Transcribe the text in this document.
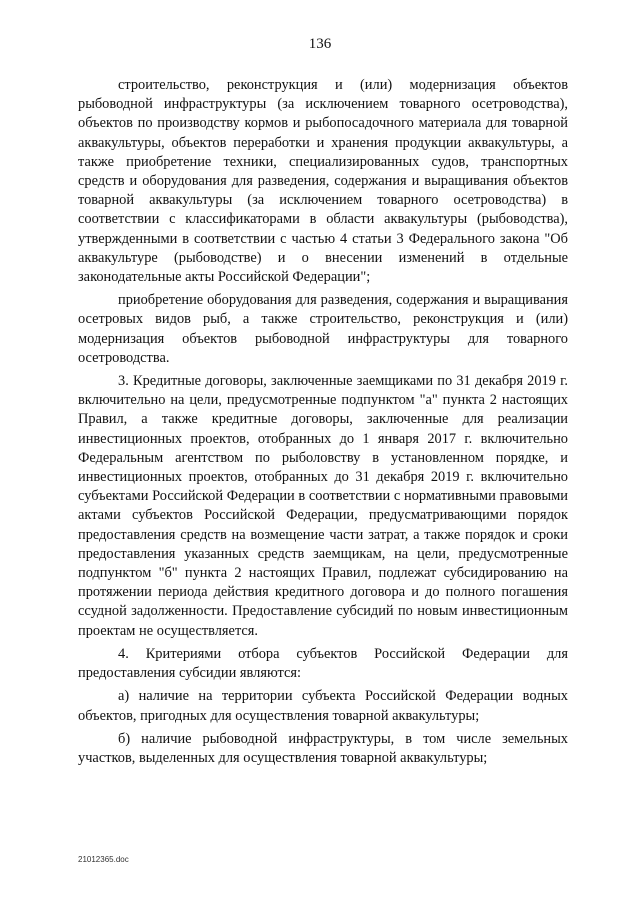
136

строительство, реконструкция и (или) модернизация объектов рыбоводной инфраструктуры (за исключением товарного осетроводства), объектов по производству кормов и рыбопосадочного материала для товарной аквакультуры, объектов переработки и хранения продукции аквакультуры, а также приобретение техники, специализированных судов, транспортных средств и оборудования для разведения, содержания и выращивания объектов товарной аквакультуры (за исключением товарного осетроводства) в соответствии с классификаторами в области аквакультуры (рыбоводства), утвержденными в соответствии с частью 4 статьи 3 Федерального закона "Об аквакультуре (рыбоводстве) и о внесении изменений в отдельные законодательные акты Российской Федерации";

приобретение оборудования для разведения, содержания и выращивания осетровых видов рыб, а также строительство, реконструкция и (или) модернизация объектов рыбоводной инфраструктуры для товарного осетроводства.

3. Кредитные договоры, заключенные заемщиками по 31 декабря 2019 г. включительно на цели, предусмотренные подпунктом "а" пункта 2 настоящих Правил, а также кредитные договоры, заключенные для реализации инвестиционных проектов, отобранных до 1 января 2017 г. включительно Федеральным агентством по рыболовству в установленном порядке, и инвестиционных проектов, отобранных до 31 декабря 2019 г. включительно субъектами Российской Федерации в соответствии с нормативными правовыми актами субъектов Российской Федерации, предусматривающими порядок предоставления средств на возмещение части затрат, а также порядок и сроки предоставления указанных средств заемщикам, на цели, предусмотренные подпунктом "б" пункта 2 настоящих Правил, подлежат субсидированию на протяжении периода действия кредитного договора и до полного погашения ссудной задолженности. Предоставление субсидий по новым инвестиционным проектам не осуществляется.

4. Критериями отбора субъектов Российской Федерации для предоставления субсидии являются:

а) наличие на территории субъекта Российской Федерации водных объектов, пригодных для осуществления товарной аквакультуры;

б) наличие рыбоводной инфраструктуры, в том числе земельных участков, выделенных для осуществления товарной аквакультуры;

21012365.doc
